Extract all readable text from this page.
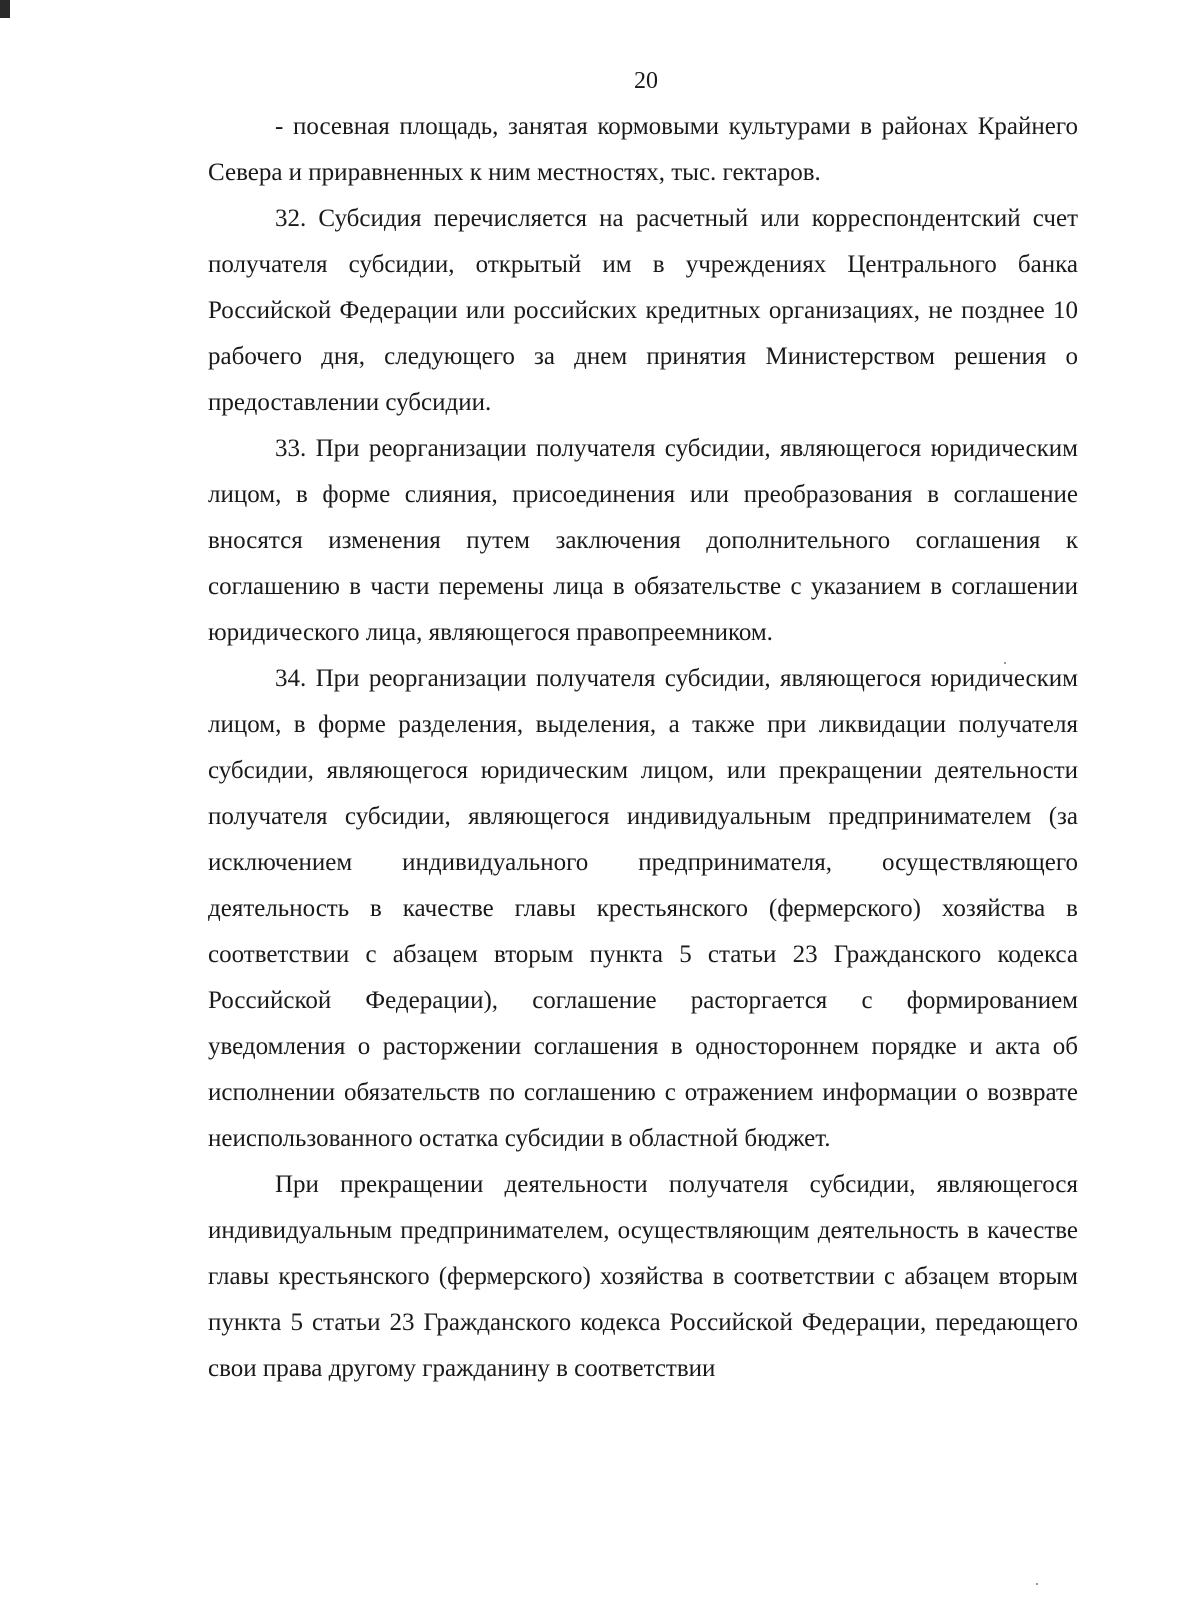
20

- посевная площадь, занятая кормовыми культурами в районах Крайнего Севера и приравненных к ним местностях, тыс. гектаров.

32. Субсидия перечисляется на расчетный или корреспондентский счет получателя субсидии, открытый им в учреждениях Центрального банка Российской Федерации или российских кредитных организациях, не позднее 10 рабочего дня, следующего за днем принятия Министерством решения о предоставлении субсидии.

33. При реорганизации получателя субсидии, являющегося юридическим лицом, в форме слияния, присоединения или преобразования в соглашение вносятся изменения путем заключения дополнительного соглашения к соглашению в части перемены лица в обязательстве с указанием в соглашении юридического лица, являющегося правопреемником.

34. При реорганизации получателя субсидии, являющегося юридическим лицом, в форме разделения, выделения, а также при ликвидации получателя субсидии, являющегося юридическим лицом, или прекращении деятельности получателя субсидии, являющегося индивидуальным предпринимателем (за исключением индивидуального предпринимателя, осуществляющего деятельность в качестве главы крестьянского (фермерского) хозяйства в соответствии с абзацем вторым пункта 5 статьи 23 Гражданского кодекса Российской Федерации), соглашение расторгается с формированием уведомления о расторжении соглашения в одностороннем порядке и акта об исполнении обязательств по соглашению с отражением информации о возврате неиспользованного остатка субсидии в областной бюджет.

При прекращении деятельности получателя субсидии, являющегося индивидуальным предпринимателем, осуществляющим деятельность в качестве главы крестьянского (фермерского) хозяйства в соответствии с абзацем вторым пункта 5 статьи 23 Гражданского кодекса Российской Федерации, передающего свои права другому гражданину в соответствии
